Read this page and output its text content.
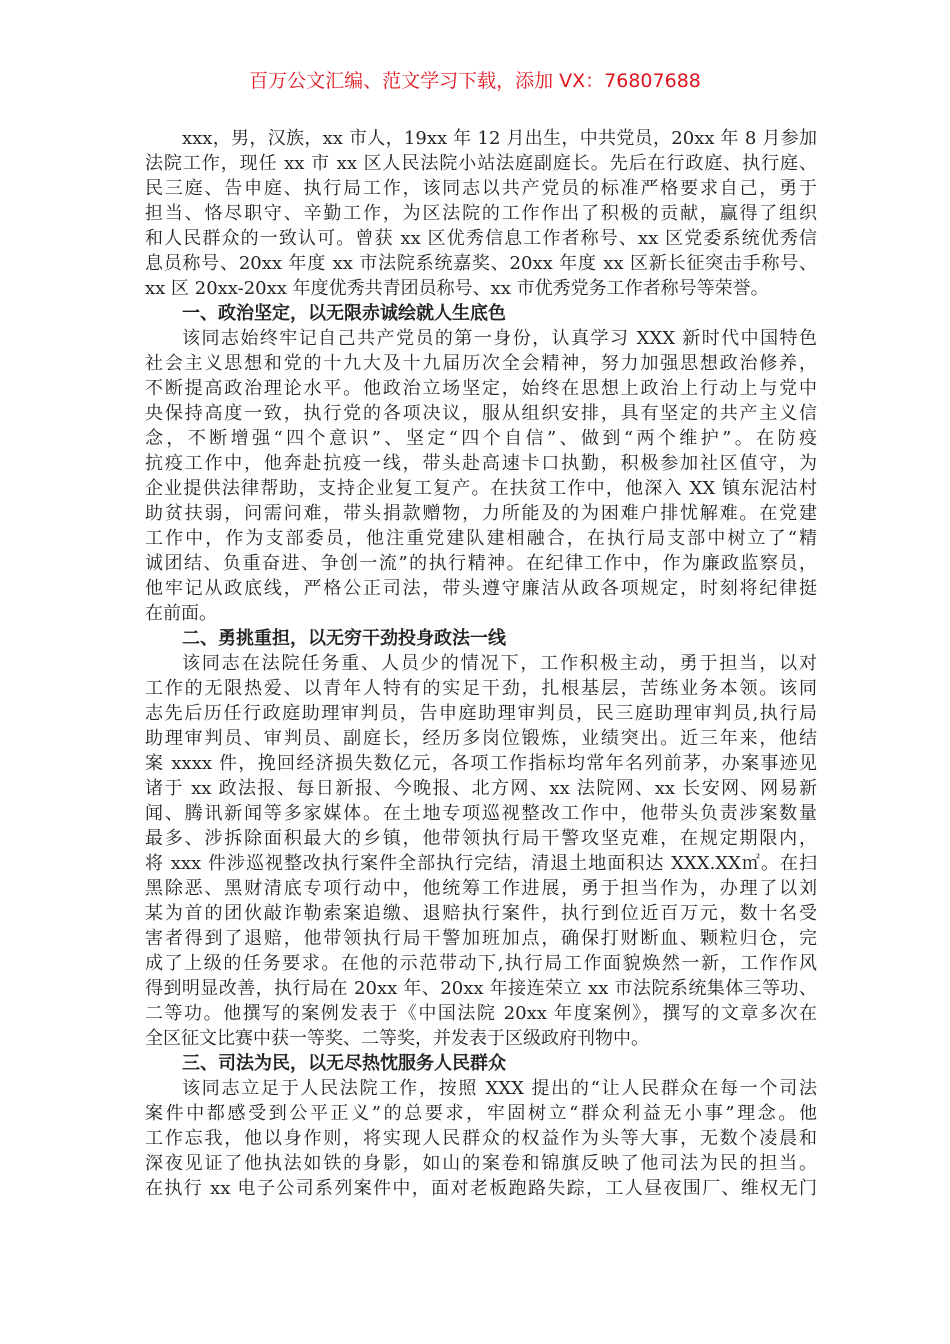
百万公文汇编、范文学习下载，添加 VX：76807688
xxx，男，汉族，xx 市人，19xx 年 12 月出生，中共党员，20xx 年 8 月参加
法院工作，现任 xx 市 xx 区人民法院小站法庭副庭长。先后在行政庭、执行庭、
民三庭、告申庭、执行局工作，该同志以共产党员的标准严格要求自己，勇于
担当、恪尽职守、辛勤工作，为区法院的工作作出了积极的贡献，赢得了组织
和人民群众的一致认可。曾获 xx 区优秀信息工作者称号、xx 区党委系统优秀信
息员称号、20xx 年度 xx 市法院系统嘉奖、20xx 年度 xx 区新长征突击手称号、
xx 区 20xx-20xx 年度优秀共青团员称号、xx 市优秀党务工作者称号等荣誉。
一、政治坚定，以无限赤诚绘就人生底色
该同志始终牢记自己共产党员的第一身份，认真学习 XXX 新时代中国特色
社会主义思想和党的十九大及十九届历次全会精神，努力加强思想政治修养，
不断提高政治理论水平。他政治立场坚定，始终在思想上政治上行动上与党中
央保持高度一致，执行党的各项决议，服从组织安排，具有坚定的共产主义信
念，不断增强“四个意识”、坚定“四个自信”、做到“两个维护”。在防疫
抗疫工作中，他奔赴抗疫一线，带头赴高速卡口执勤，积极参加社区值守，为
企业提供法律帮助，支持企业复工复产。在扶贫工作中，他深入 XX 镇东泥沽村
助贫扶弱，问需问难，带头捐款赠物，力所能及的为困难户排忧解难。在党建
工作中，作为支部委员，他注重党建队建相融合，在执行局支部中树立了“精
诚团结、负重奋进、争创一流”的执行精神。在纪律工作中，作为廉政监察员，
他牢记从政底线，严格公正司法，带头遵守廉洁从政各项规定，时刻将纪律挺
在前面。
二、勇挑重担，以无穷干劲投身政法一线
该同志在法院任务重、人员少的情况下，工作积极主动，勇于担当，以对
工作的无限热爱、以青年人特有的实足干劲，扎根基层，苦练业务本领。该同
志先后历任行政庭助理审判员，告申庭助理审判员，民三庭助理审判员,执行局
助理审判员、审判员、副庭长，经历多岗位锻炼，业绩突出。近三年来，他结
案 xxxx 件，挽回经济损失数亿元，各项工作指标均常年名列前茅，办案事迹见
诸于 xx 政法报、每日新报、今晚报、北方网、xx 法院网、xx 长安网、网易新
闻、腾讯新闻等多家媒体。在土地专项巡视整改工作中，他带头负责涉案数量
最多、涉拆除面积最大的乡镇，他带领执行局干警攻坚克难，在规定期限内，
将 xxx 件涉巡视整改执行案件全部执行完结，清退土地面积达 XXX.XX㎡。在扫
黑除恶、黑财清底专项行动中，他统筹工作进展，勇于担当作为，办理了以刘
某为首的团伙敲诈勒索案追缴、退赔执行案件，执行到位近百万元，数十名受
害者得到了退赔，他带领执行局干警加班加点，确保打财断血、颗粒归仓，完
成了上级的任务要求。在他的示范带动下,执行局工作面貌焕然一新，工作作风
得到明显改善，执行局在 20xx 年、20xx 年接连荣立 xx 市法院系统集体三等功、
二等功。他撰写的案例发表于《中国法院 20xx 年度案例》，撰写的文章多次在
全区征文比赛中获一等奖、二等奖，并发表于区级政府刊物中。
三、司法为民，以无尽热忱服务人民群众
该同志立足于人民法院工作，按照 XXX 提出的“让人民群众在每一个司法
案件中都感受到公平正义”的总要求，牢固树立“群众利益无小事”理念。他
工作忘我，他以身作则，将实现人民群众的权益作为头等大事，无数个凌晨和
深夜见证了他执法如铁的身影，如山的案卷和锦旗反映了他司法为民的担当。
在执行 xx 电子公司系列案件中，面对老板跑路失踪，工人昼夜围厂、维权无门
